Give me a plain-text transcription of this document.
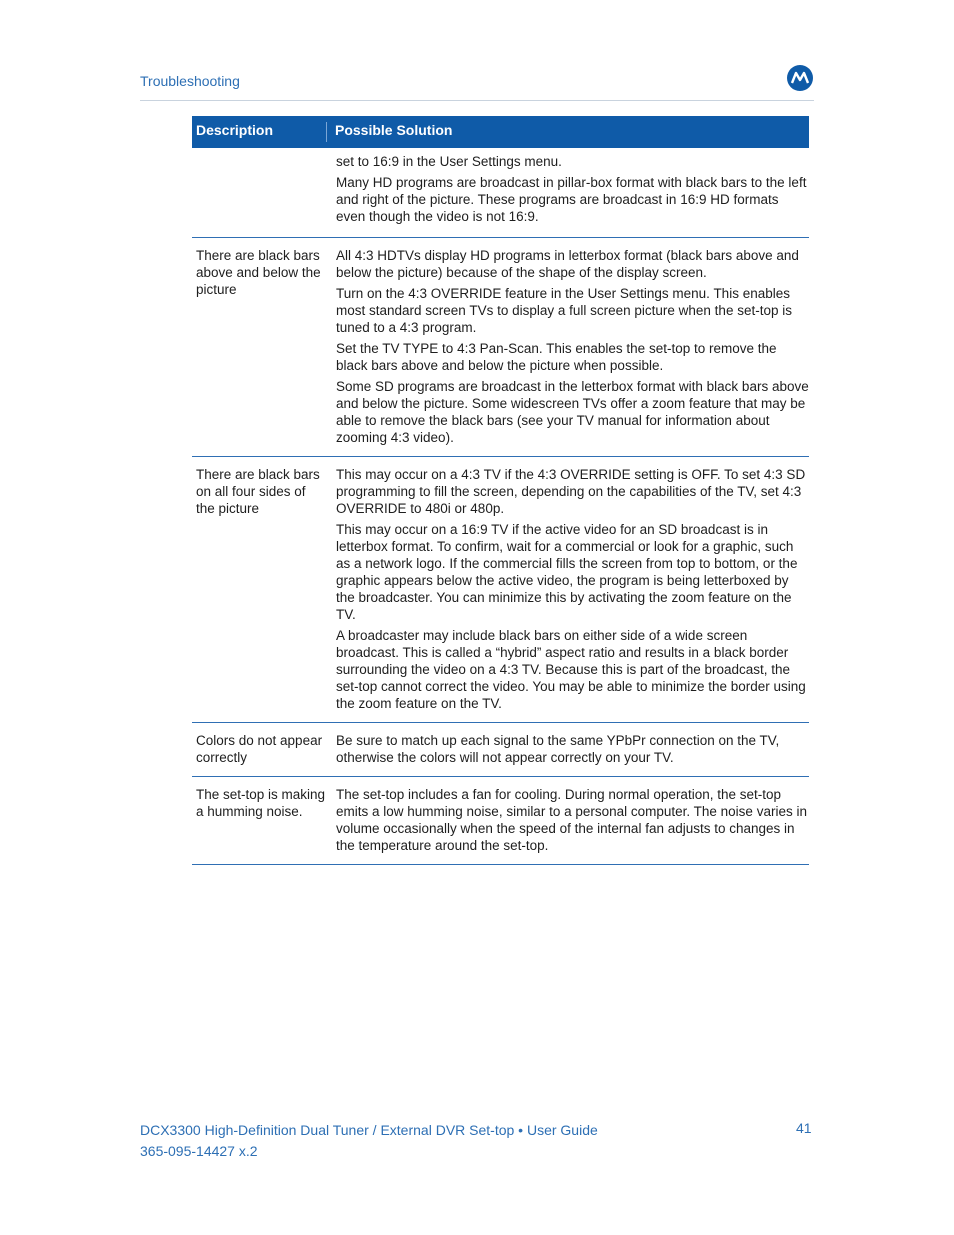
Troubleshooting
Description	Possible Solution

set to 16:9 in the User Settings menu.

Many HD programs are broadcast in pillar-box format with black bars to the left and right of the picture. These programs are broadcast in 16:9 HD formats even though the video is not 16:9.

There are black bars above and below the picture

All 4:3 HDTVs display HD programs in letterbox format (black bars above and below the picture) because of the shape of the display screen.

Turn on the 4:3 OVERRIDE feature in the User Settings menu. This enables most standard screen TVs to display a full screen picture when the set-top is tuned to a 4:3 program.

Set the TV TYPE to 4:3 Pan-Scan. This enables the set-top to remove the black bars above and below the picture when possible.

Some SD programs are broadcast in the letterbox format with black bars above and below the picture. Some widescreen TVs offer a zoom feature that may be able to remove the black bars (see your TV manual for information about zooming 4:3 video).

There are black bars on all four sides of the picture

This may occur on a 4:3 TV if the 4:3 OVERRIDE setting is OFF. To set 4:3 SD programming to fill the screen, depending on the capabilities of the TV, set 4:3 OVERRIDE to 480i or 480p.

This may occur on a 16:9 TV if the active video for an SD broadcast is in letterbox format. To confirm, wait for a commercial or look for a graphic, such as a network logo. If the commercial fills the screen from top to bottom, or the graphic appears below the active video, the program is being letterboxed by the broadcaster. You can minimize this by activating the zoom feature on the TV.

A broadcaster may include black bars on either side of a wide screen broadcast. This is called a “hybrid” aspect ratio and results in a black border surrounding the video on a 4:3 TV. Because this is part of the broadcast, the set-top cannot correct the video. You may be able to minimize the border using the zoom feature on the TV.

Colors do not appear correctly

Be sure to match up each signal to the same YPbPr connection on the TV, otherwise the colors will not appear correctly on your TV.

The set-top is making a humming noise.

The set-top includes a fan for cooling. During normal operation, the set-top emits a low humming noise, similar to a personal computer. The noise varies in volume occasionally when the speed of the internal fan adjusts to changes in the temperature around the set-top.

DCX3300 High-Definition Dual Tuner / External DVR Set-top • User Guide
365-095-14427 x.2
41
